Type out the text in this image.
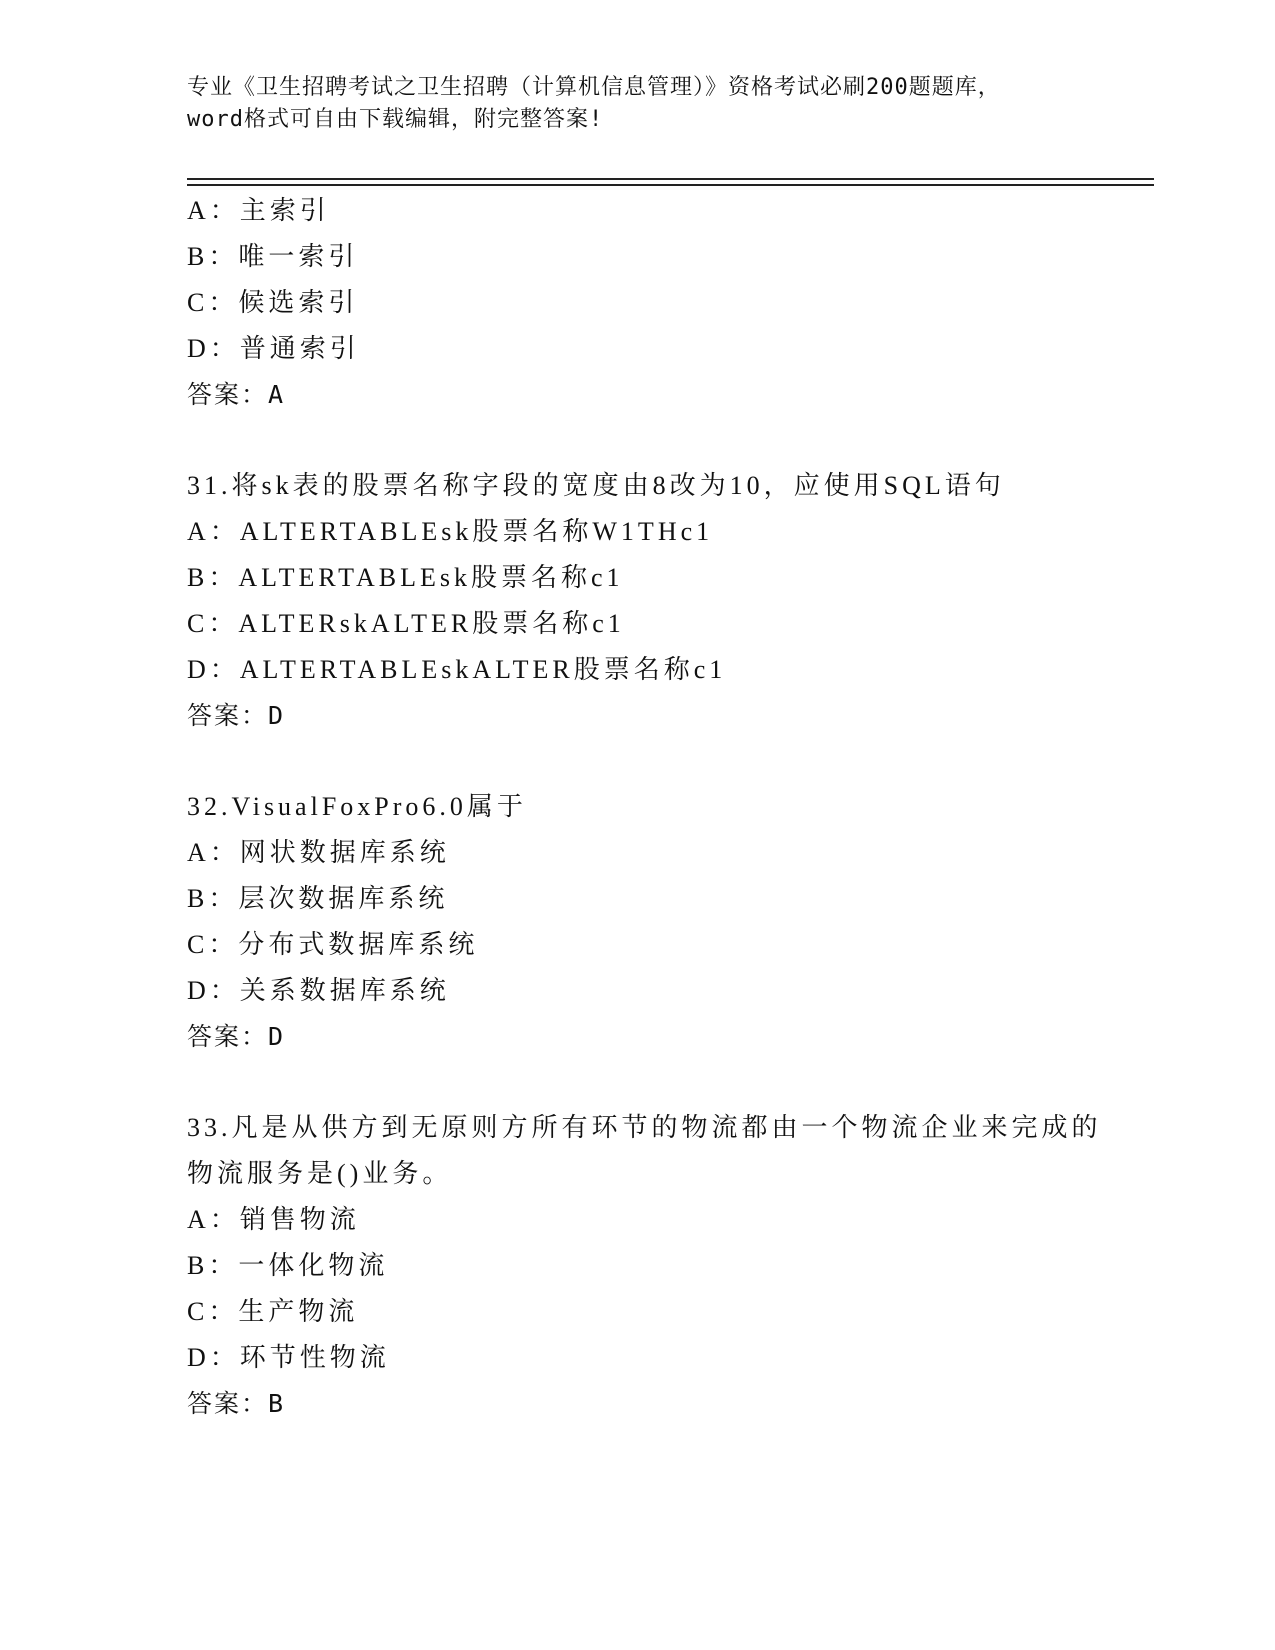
专业《卫生招聘考试之卫生招聘（计算机信息管理）》资格考试必刷200题题库，
word格式可自由下载编辑，附完整答案!
A：主索引
B：唯一索引
C：候选索引
D：普通索引
答案：A
31.将sk表的股票名称字段的宽度由8改为10，应使用SQL语句
A：ALTERTABLEsk股票名称W1THc1
B：ALTERTABLEsk股票名称c1
C：ALTERskALTER股票名称c1
D：ALTERTABLEskALTER股票名称c1
答案：D
32.VisualFoxPro6.0属于
A：网状数据库系统
B：层次数据库系统
C：分布式数据库系统
D：关系数据库系统
答案：D
33.凡是从供方到无原则方所有环节的物流都由一个物流企业来完成的
物流服务是()业务。
A：销售物流
B：一体化物流
C：生产物流
D：环节性物流
答案：B
